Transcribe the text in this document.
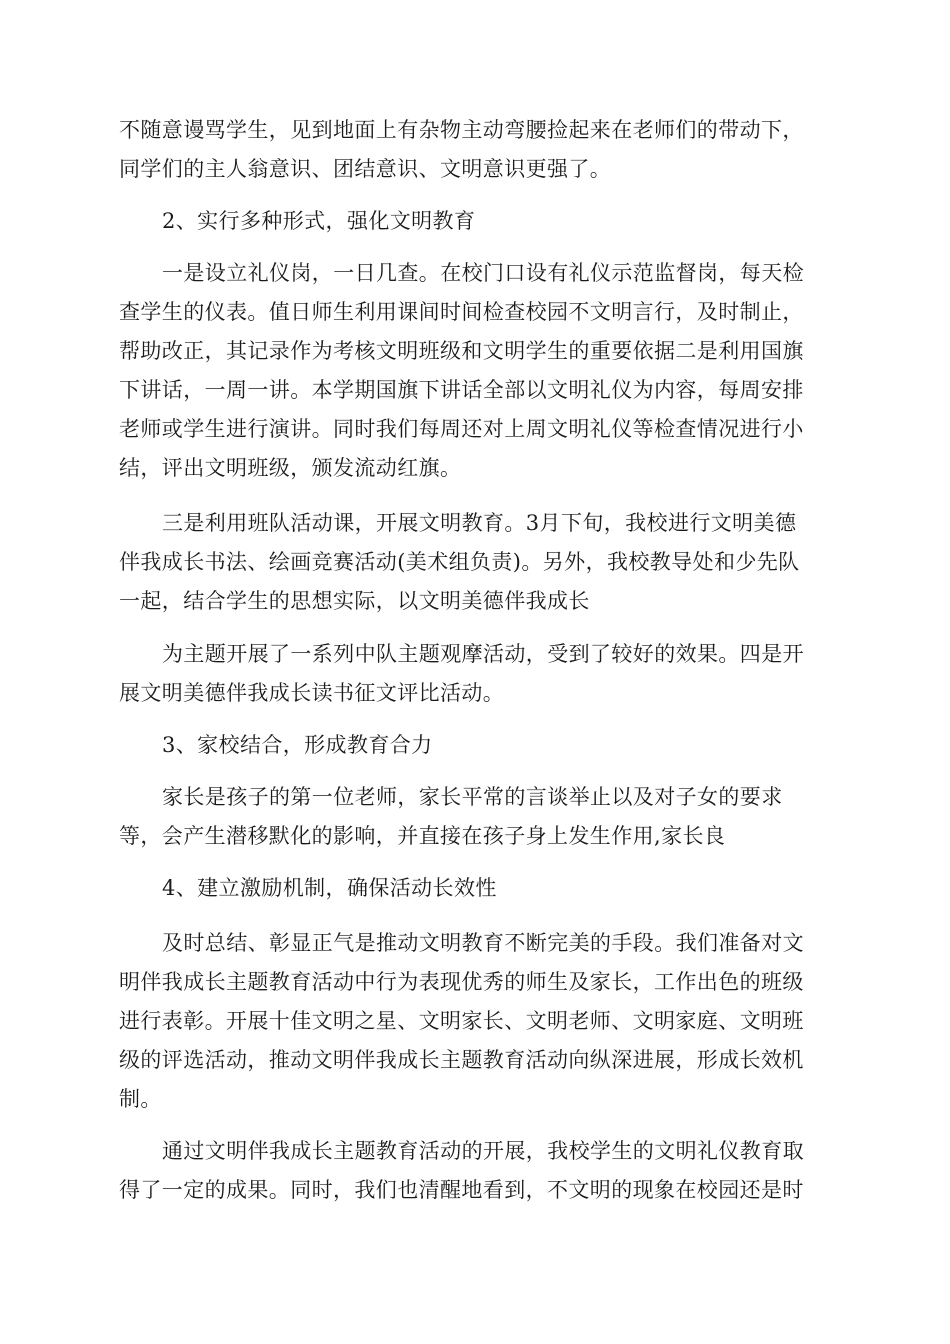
不随意谩骂学生，见到地面上有杂物主动弯腰捡起来在老师们的带动下，
同学们的主人翁意识、团结意识、文明意识更强了。
2、实行多种形式，强化文明教育
一是设立礼仪岗，一日几查。在校门口设有礼仪示范监督岗，每天检
查学生的仪表。值日师生利用课间时间检查校园不文明言行，及时制止，
帮助改正，其记录作为考核文明班级和文明学生的重要依据二是利用国旗
下讲话，一周一讲。本学期国旗下讲话全部以文明礼仪为内容，每周安排
老师或学生进行演讲。同时我们每周还对上周文明礼仪等检查情况进行小
结，评出文明班级，颁发流动红旗。
三是利用班队活动课，开展文明教育。3月下旬，我校进行文明美德
伴我成长书法、绘画竞赛活动(美术组负责)。另外，我校教导处和少先队
一起，结合学生的思想实际，以文明美德伴我成长
为主题开展了一系列中队主题观摩活动，受到了较好的效果。四是开
展文明美德伴我成长读书征文评比活动。
3、家校结合，形成教育合力
家长是孩子的第一位老师，家长平常的言谈举止以及对子女的要求
等，会产生潜移默化的影响，并直接在孩子身上发生作用,家长良
4、建立激励机制，确保活动长效性
及时总结、彰显正气是推动文明教育不断完美的手段。我们准备对文
明伴我成长主题教育活动中行为表现优秀的师生及家长，工作出色的班级
进行表彰。开展十佳文明之星、文明家长、文明老师、文明家庭、文明班
级的评选活动，推动文明伴我成长主题教育活动向纵深进展，形成长效机
制。
通过文明伴我成长主题教育活动的开展，我校学生的文明礼仪教育取
得了一定的成果。同时，我们也清醒地看到，不文明的现象在校园还是时
